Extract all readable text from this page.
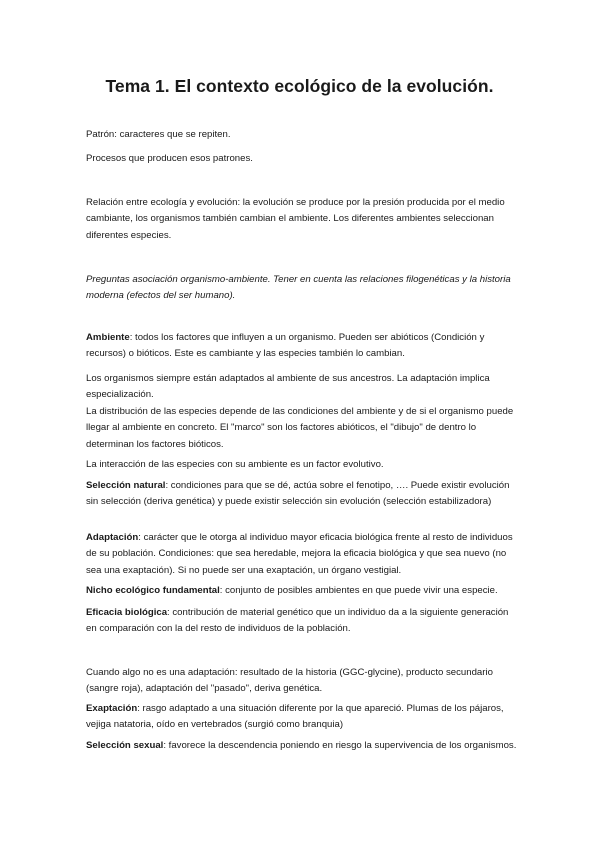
Tema 1. El contexto ecológico de la evolución.

Patrón: caracteres que se repiten.

Procesos que producen esos patrones.

Relación entre ecología y evolución: la evolución se produce por la presión producida por el medio cambiante, los organismos también cambian el ambiente. Los diferentes ambientes seleccionan diferentes especies.

Preguntas asociación organismo-ambiente. Tener en cuenta las relaciones filogenéticas y la historia moderna (efectos del ser humano).

Ambiente: todos los factores que influyen a un organismo. Pueden ser abióticos (Condición y recursos) o bióticos. Este es cambiante y las especies también lo cambian.

Los organismos siempre están adaptados al ambiente de sus ancestros. La adaptación implica especialización.

La distribución de las especies depende de las condiciones del ambiente y de si el organismo puede llegar al ambiente en concreto. El "marco" son los factores abióticos, el "dibujo" de dentro lo determinan los factores bióticos.

La interacción de las especies con su ambiente es un factor evolutivo.

Selección natural: condiciones para que se dé, actúa sobre el fenotipo, …. Puede existir evolución sin selección (deriva genética) y puede existir selección sin evolución (selección estabilizadora)

Adaptación: carácter que le otorga al individuo mayor eficacia biológica frente al resto de individuos de su población. Condiciones: que sea heredable, mejora la eficacia biológica y que sea nuevo (no sea una exaptación). Si no puede ser una exaptación, un órgano vestigial.

Nicho ecológico fundamental: conjunto de posibles ambientes en que puede vivir una especie.

Eficacia biológica: contribución de material genético que un individuo da a la siguiente generación en comparación con la del resto de individuos de la población.

Cuando algo no es una adaptación: resultado de la historia (GGC-glycine), producto secundario (sangre roja), adaptación del "pasado", deriva genética.

Exaptación: rasgo adaptado a una situación diferente por la que apareció. Plumas de los pájaros, vejiga natatoria, oído en vertebrados (surgió como branquia)

Selección sexual: favorece la descendencia poniendo en riesgo la supervivencia de los organismos.
